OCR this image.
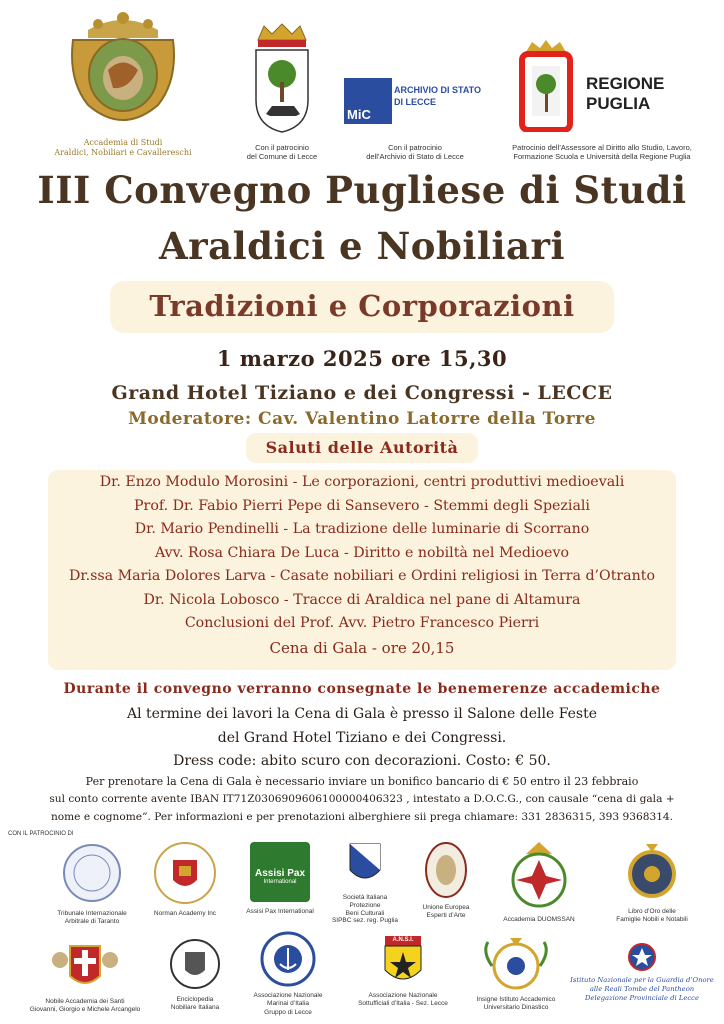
Accademia di Studi
Araldici, Nobiliari e Cavallereschi
Con il patrocinio
del Comune di Lecce
MiC
ARCHIVIO DI STATO
DI LECCE
Con il patrocinio
dell’Archivio di Stato di Lecce
REGIONE
PUGLIA
Patrocinio dell’Assessore al Diritto allo Studio, Lavoro,
Formazione Scuola e Università della Regione Puglia
III Convegno Pugliese di Studi
Araldici e Nobiliari
Tradizioni e Corporazioni
1 marzo 2025 ore 15,30
Grand Hotel Tiziano e dei Congressi - LECCE
Moderatore: Cav. Valentino Latorre della Torre
Saluti delle Autorità
Dr. Enzo Modulo Morosini - Le corporazioni, centri produttivi medioevali
Prof. Dr. Fabio Pierri Pepe di Sansevero - Stemmi degli Speziali
Dr. Mario Pendinelli - La tradizione delle luminarie di Scorrano
Avv. Rosa Chiara De Luca - Diritto e nobiltà nel Medioevo
Dr.ssa Maria Dolores Larva - Casate nobiliari e Ordini religiosi in Terra d’Otranto
Dr. Nicola Lobosco - Tracce di Araldica nel pane di Altamura
Conclusioni del Prof. Avv. Pietro Francesco Pierri
Cena di Gala - ore 20,15
Durante il convegno verranno consegnate le benemerenze accademiche
Al termine dei lavori la Cena di Gala è presso il Salone delle Feste
del Grand Hotel Tiziano e dei Congressi.
Dress code: abito scuro con decorazioni. Costo: € 50.
Per prenotare la Cena di Gala è necessario inviare un bonifico bancario di € 50 entro il 23 febbraio
sul conto corrente avente IBAN IT71Z0306909606100000406323 , intestato a D.O.C.G., con causale “cena di gala +
nome e cognome”. Per informazioni e per prenotazioni alberghiere sii prega chiamare: 331 2836315, 393 9368314.
CON IL PATROCINIO DI
Tribunale Internazionale
Arbitrale di Taranto
Norman Academy Inc
Assisi Pax
International
Assisi Pax International
Società Italiana
Protezione
Beni Culturali
SIPBC sez. reg. Puglia
Unione Europea
Esperti d’Arte
Accademia DUOMSSAN
Libro d’Oro delle
Famiglie Nobili e Notabili
Nobile Accademia dei Santi
Giovanni, Giorgio e Michele Arcangelo
Enciclopedia
Nobiliare Italiana
Associazione Nazionale
Marinai d’Italia
Gruppo di Lecce
A.N.S.I.
Associazione Nazionale
Sottufficiali d’Italia - Sez. Lecce
Insigne Istituto Accademico
Universitario Dinastico
Istituto Nazionale per la Guardia d’Onore
alle Reali Tombe del Pantheon
Delegazione Provinciale di Lecce
